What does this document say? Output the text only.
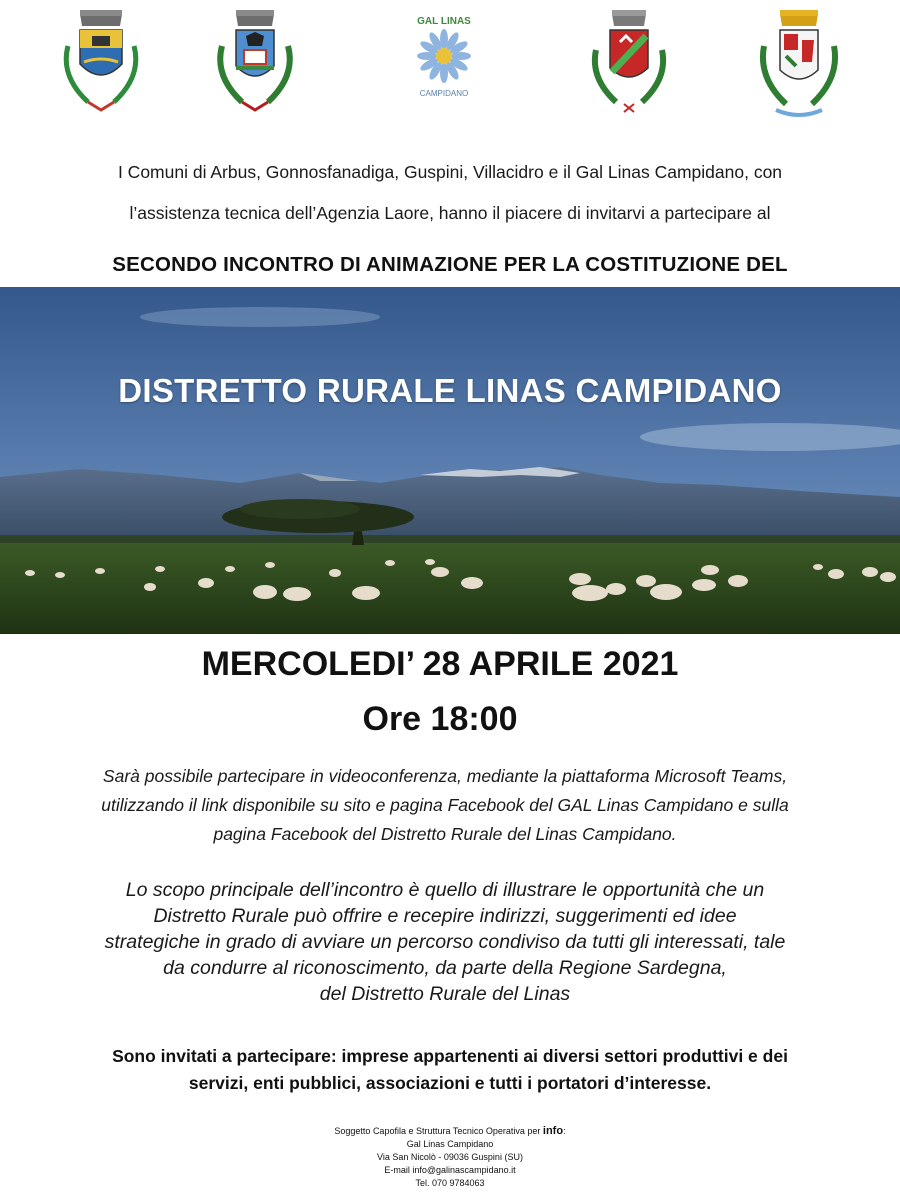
GAL LINAS
CAMPIDANO
I Comuni di Arbus, Gonnosfanadiga, Guspini, Villacidro e il Gal Linas Campidano, con
l’assistenza tecnica dell’Agenzia Laore, hanno il piacere di invitarvi a partecipare al
SECONDO INCONTRO DI ANIMAZIONE PER LA COSTITUZIONE DEL
DISTRETTO RURALE LINAS CAMPIDANO
MERCOLEDI’ 28 APRILE 2021
Ore 18:00
Sarà possibile partecipare in videoconferenza, mediante la piattaforma Microsoft Teams,
utilizzando il link disponibile su sito e pagina Facebook del GAL Linas Campidano e sulla
pagina Facebook del Distretto Rurale del Linas Campidano.
Lo scopo principale dell’incontro è quello di illustrare le opportunità che un
Distretto Rurale può offrire e recepire indirizzi, suggerimenti ed idee
strategiche in grado di avviare un percorso condiviso da tutti gli interessati, tale
da condurre al riconoscimento, da parte della Regione Sardegna,
del Distretto Rurale del Linas
Sono invitati a partecipare: imprese appartenenti ai diversi settori produttivi e dei
servizi, enti pubblici, associazioni e tutti i portatori d’interesse.
Soggetto Capofila e Struttura Tecnico Operativa per info:
Gal Linas Campidano
Via San Nicolò - 09036 Guspini (SU)
E-mail info@galinascampidano.it
Tel. 070 9784063
